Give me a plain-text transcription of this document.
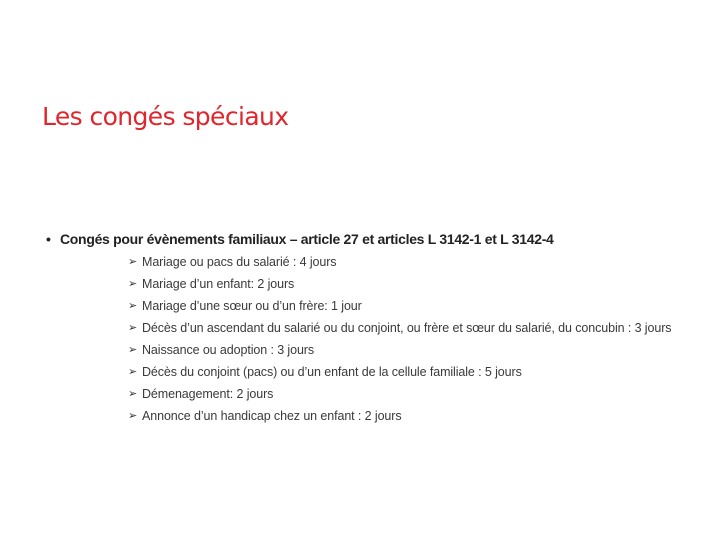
Les congés spéciaux
• Congés pour évènements familiaux – article 27 et articles L 3142-1 et L 3142-4
➢ Mariage ou pacs du salarié : 4 jours
➢ Mariage d’un enfant: 2 jours
➢ Mariage d’une sœur ou d’un frère: 1 jour
➢ Décès d’un ascendant du salarié ou du conjoint, ou frère et sœur du salarié, du concubin : 3 jours
➢ Naissance ou adoption : 3 jours
➢ Décès du conjoint (pacs) ou d’un enfant de la cellule familiale : 5 jours
➢ Démenagement: 2 jours
➢ Annonce d’un handicap chez un enfant : 2 jours
